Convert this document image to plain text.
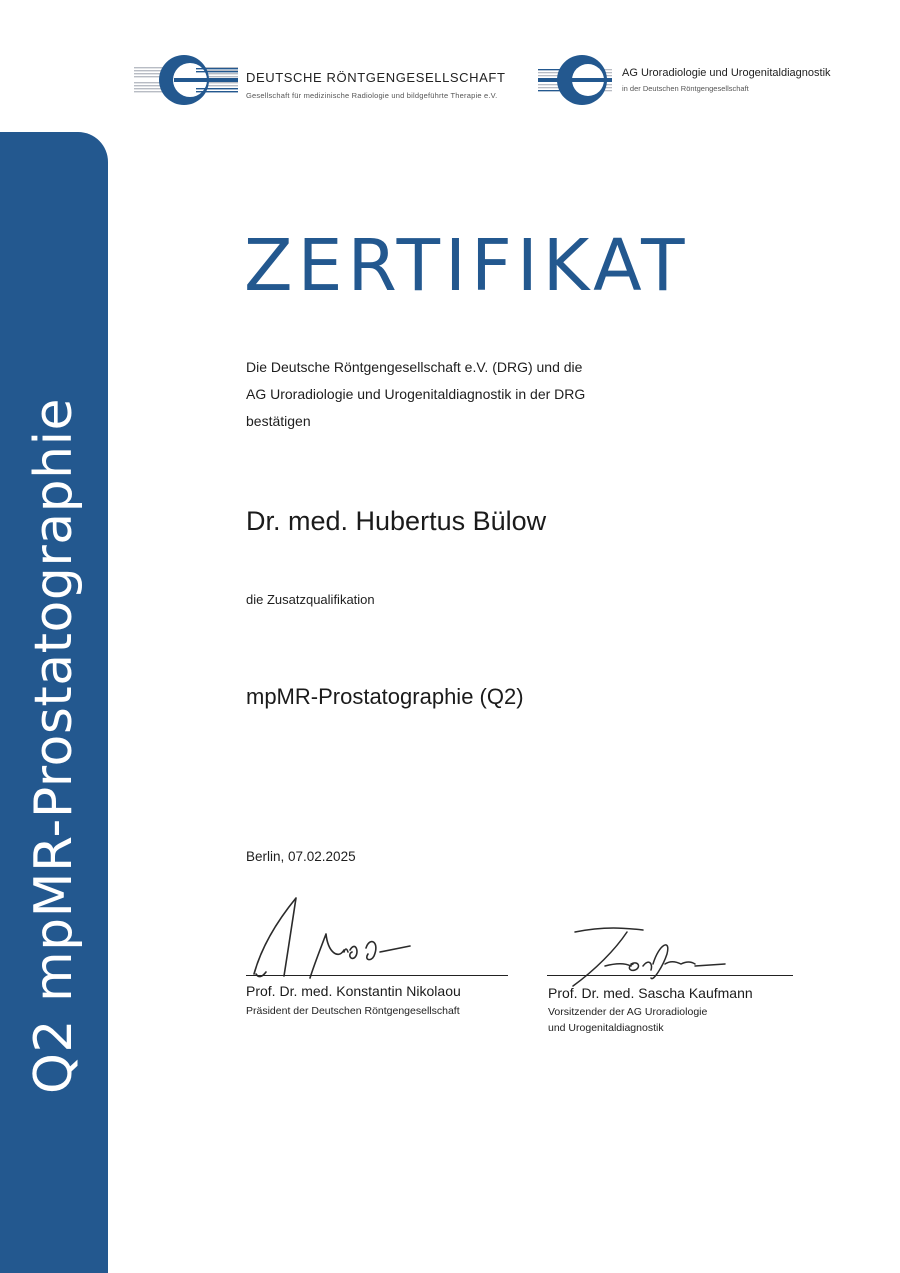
Q2 mpMR-Prostatographie
DEUTSCHE RÖNTGENGESELLSCHAFT
Gesellschaft für medizinische Radiologie und bildgeführte Therapie e.V.
AG Uroradiologie und Urogenitaldiagnostik
in der Deutschen Röntgengesellschaft
ZERTIFIKAT
Die Deutsche Röntgengesellschaft e.V. (DRG) und die
AG Uroradiologie und Urogenitaldiagnostik in der DRG
bestätigen
Dr. med. Hubertus Bülow
die Zusatzqualifikation
mpMR-Prostatographie (Q2)
Berlin, 07.02.2025
Prof. Dr. med. Konstantin Nikolaou
Präsident der Deutschen Röntgengesellschaft
Prof. Dr. med. Sascha Kaufmann
Vorsitzender der AG Uroradiologie
und Urogenitaldiagnostik
